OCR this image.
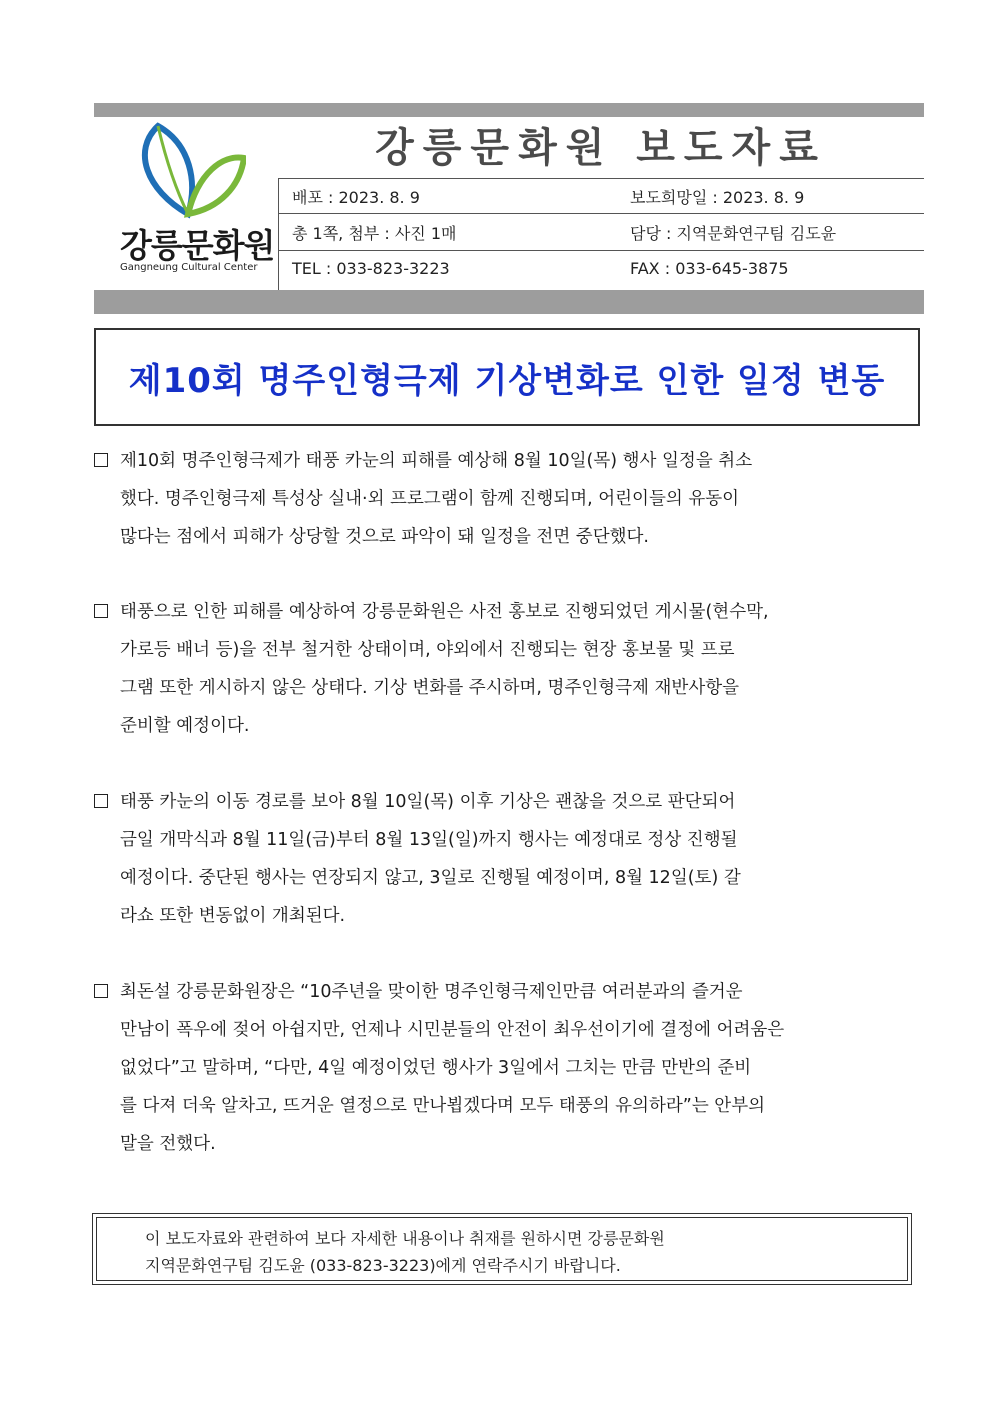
강릉문화원
Gangneung Cultural Center
강릉문화원 보도자료
배포 : 2023. 8. 9	보도희망일 : 2023. 8. 9
총 1쪽, 첨부 : 사진 1매	담당 : 지역문화연구팀 김도윤
TEL : 033-823-3223	FAX : 033-645-3875
제10회 명주인형극제 기상변화로 인한 일정 변동
제10회 명주인형극제가 태풍 카눈의 피해를 예상해 8월 10일(목) 행사 일정을 취소
했다. 명주인형극제 특성상 실내·외 프로그램이 함께 진행되며, 어린이들의 유동이
많다는 점에서 피해가 상당할 것으로 파악이 돼 일정을 전면 중단했다.
태풍으로 인한 피해를 예상하여 강릉문화원은 사전 홍보로 진행되었던 게시물(현수막,
가로등 배너 등)을 전부 철거한 상태이며, 야외에서 진행되는 현장 홍보물 및 프로
그램 또한 게시하지 않은 상태다. 기상 변화를 주시하며, 명주인형극제 재반사항을
준비할 예정이다.
태풍 카눈의 이동 경로를 보아 8월 10일(목) 이후 기상은 괜찮을 것으로 판단되어
금일 개막식과 8월 11일(금)부터 8월 13일(일)까지 행사는 예정대로 정상 진행될
예정이다. 중단된 행사는 연장되지 않고, 3일로 진행될 예정이며, 8월 12일(토) 갈
라쇼 또한 변동없이 개최된다.
최돈설 강릉문화원장은 “10주년을 맞이한 명주인형극제인만큼 여러분과의 즐거운
만남이 폭우에 젖어 아쉽지만, 언제나 시민분들의 안전이 최우선이기에 결정에 어려움은
없었다”고 말하며, “다만, 4일 예정이었던 행사가 3일에서 그치는 만큼 만반의 준비
를 다져 더욱 알차고, 뜨거운 열정으로 만나뵙겠다며 모두 태풍의 유의하라”는 안부의
말을 전했다.
이 보도자료와 관련하여 보다 자세한 내용이나 취재를 원하시면 강릉문화원
지역문화연구팀 김도윤 (033-823-3223)에게 연락주시기 바랍니다.
